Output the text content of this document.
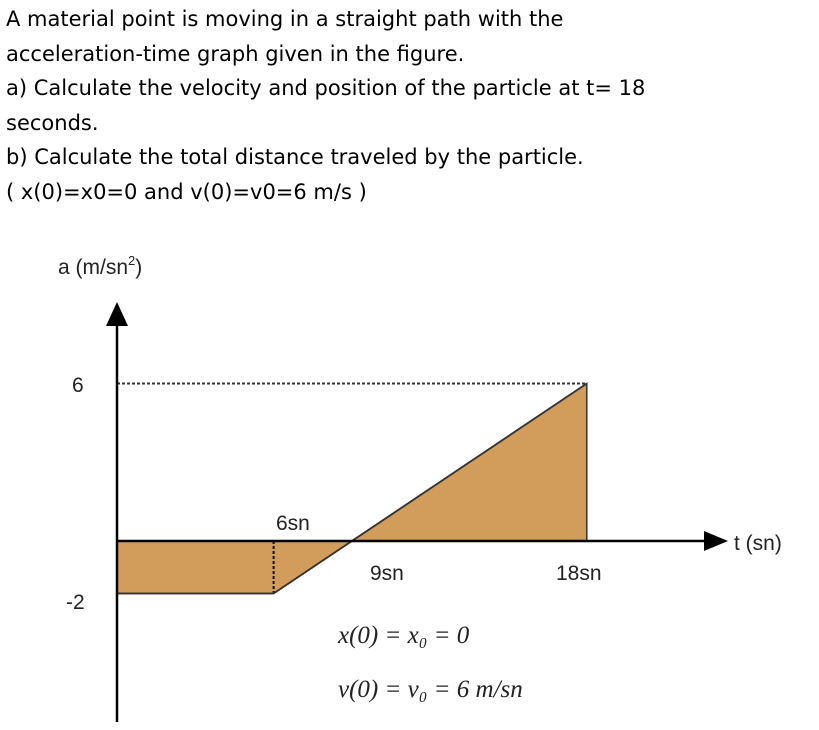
A material point is moving in a straight path with the
acceleration-time graph given in the figure.
a) Calculate the velocity and position of the particle at t= 18
seconds.
b) Calculate the total distance traveled by the particle.
( x(0)=x0=0 and v(0)=v0=6 m/s )
a $(m/sn^2)$
t (sn)
6
-2
6sn
9sn	18sn
x(0) = x₀ = 0
v(0) = v₀ = 6 m/sn
